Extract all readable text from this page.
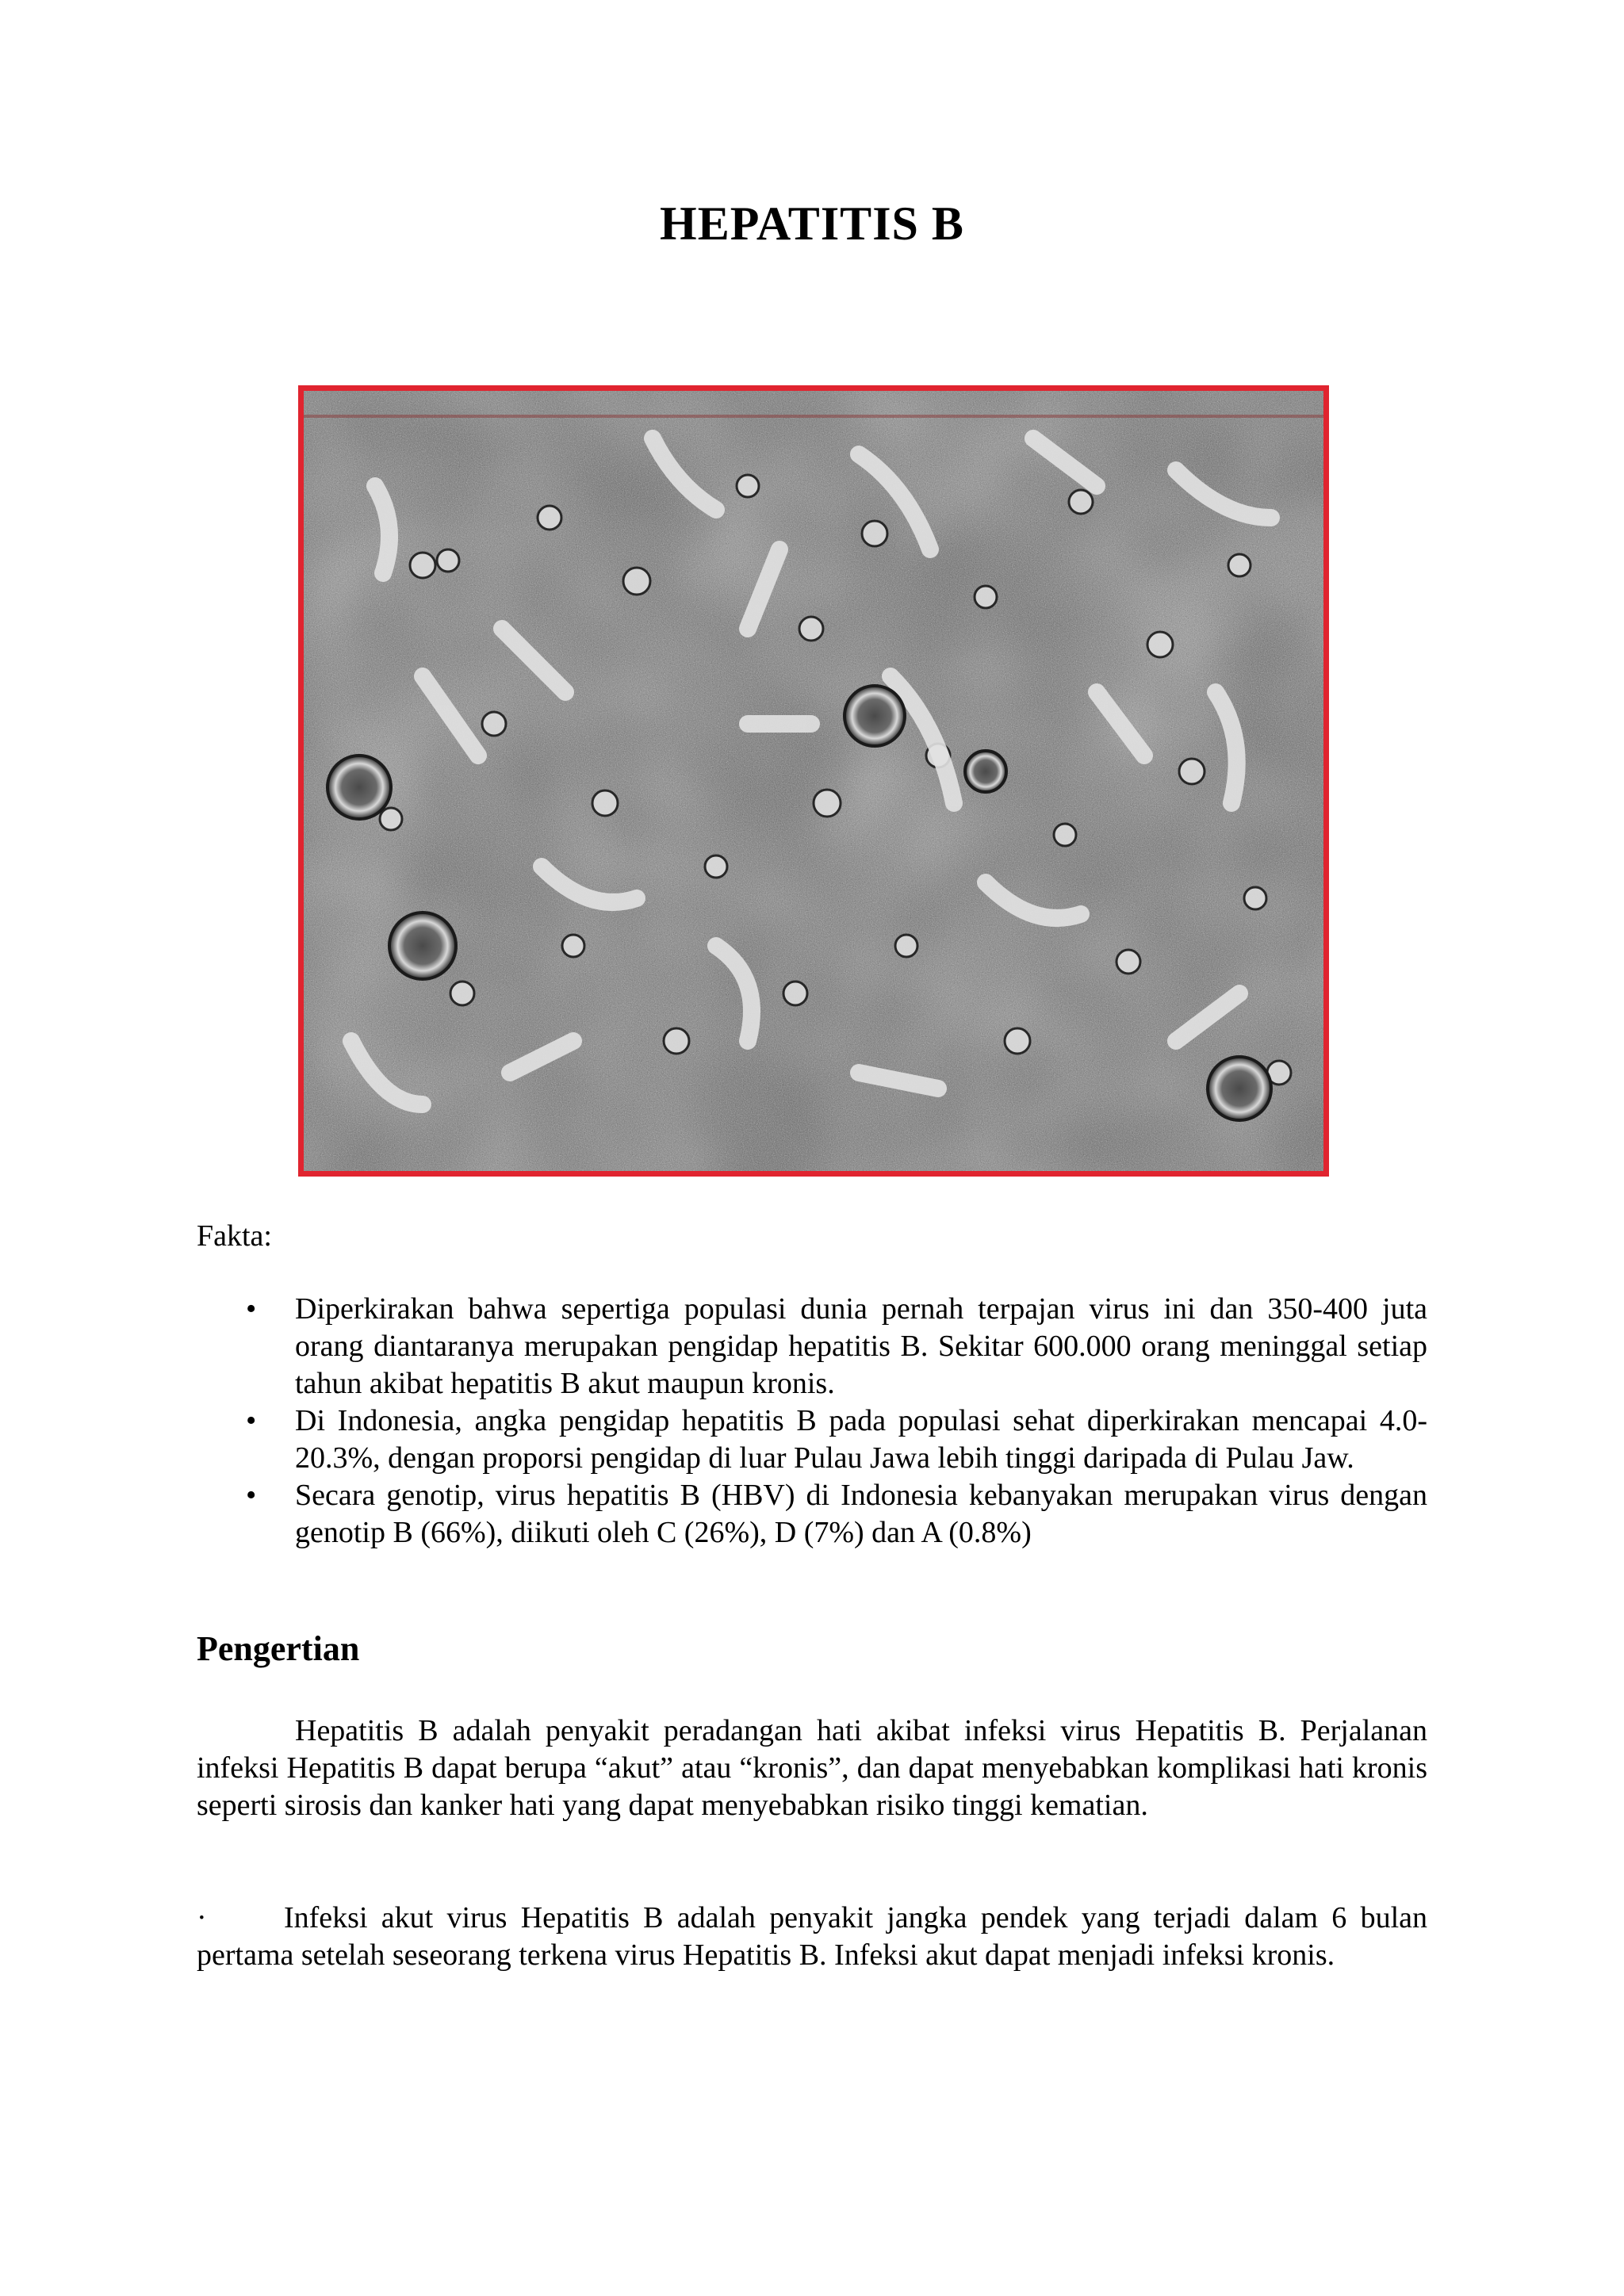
HEPATITIS B
Fakta:
• Diperkirakan bahwa sepertiga populasi dunia pernah terpajan virus ini dan 350-400 juta orang diantaranya merupakan pengidap hepatitis B. Sekitar 600.000 orang meninggal setiap tahun akibat hepatitis B akut maupun kronis.
• Di Indonesia, angka pengidap hepatitis B pada populasi sehat diperkirakan mencapai 4.0-20.3%, dengan proporsi pengidap di luar Pulau Jawa lebih tinggi daripada di Pulau Jaw.
• Secara genotip, virus hepatitis B (HBV) di Indonesia kebanyakan merupakan virus dengan genotip B (66%), diikuti oleh C (26%), D (7%) dan A (0.8%)
Pengertian

Hepatitis B adalah penyakit peradangan hati akibat infeksi virus Hepatitis B. Perjalanan infeksi Hepatitis B dapat berupa “akut” atau “kronis”, dan dapat menyebabkan komplikasi hati kronis seperti sirosis dan kanker hati yang dapat menyebabkan risiko tinggi kematian.

·	Infeksi akut virus Hepatitis B adalah penyakit jangka pendek yang terjadi dalam 6 bulan pertama setelah seseorang terkena virus Hepatitis B. Infeksi akut dapat menjadi infeksi kronis.
